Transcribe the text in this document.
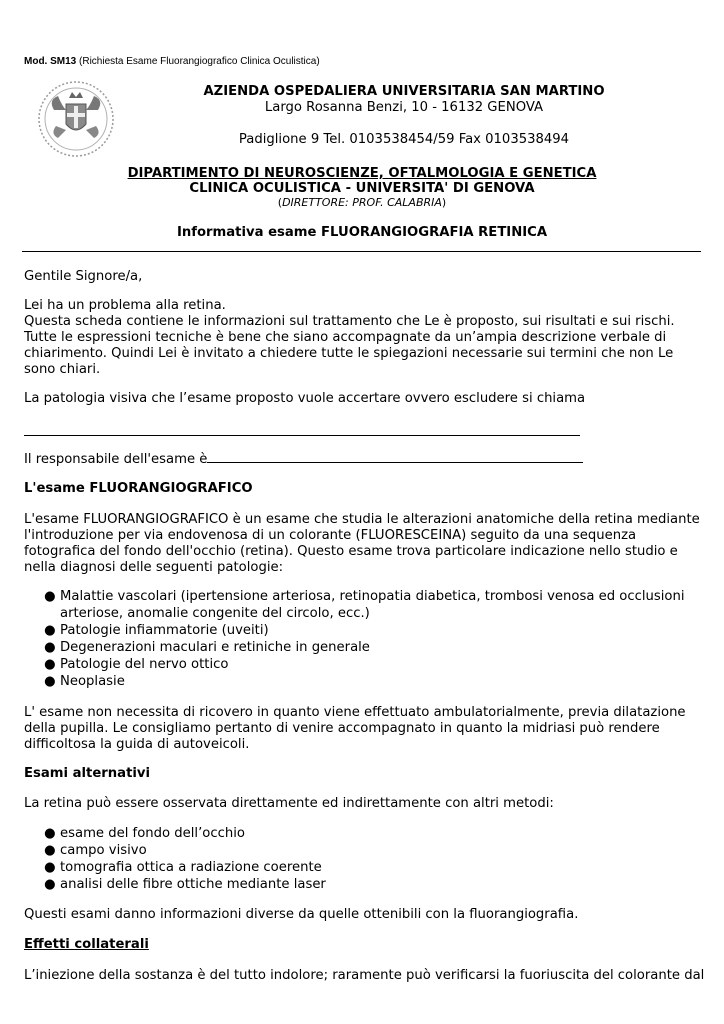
Mod. SM13 (Richiesta Esame Fluorangiografico Clinica Oculistica)
AZIENDA OSPEDALIERA UNIVERSITARIA SAN MARTINO
Largo Rosanna Benzi, 10 - 16132 GENOVA
Padiglione 9 Tel. 0103538454/59 Fax 0103538494
DIPARTIMENTO DI NEUROSCIENZE, OFTALMOLOGIA E GENETICA
CLINICA OCULISTICA - UNIVERSITA' DI GENOVA
(DIRETTORE: PROF. CALABRIA)
Informativa esame FLUORANGIOGRAFIA RETINICA
Gentile Signore/a,
Lei ha un problema alla retina.
Questa scheda contiene le informazioni sul trattamento che Le è proposto, sui risultati e sui rischi.
Tutte le espressioni tecniche è bene che siano accompagnate da un’ampia descrizione verbale di
chiarimento. Quindi Lei è invitato a chiedere tutte le spiegazioni necessarie sui termini che non Le
sono chiari.
La patologia visiva che l’esame proposto vuole accertare ovvero escludere si chiama
Il responsabile dell'esame è
L'esame FLUORANGIOGRAFICO
L'esame FLUORANGIOGRAFICO è un esame che studia le alterazioni anatomiche della retina mediante
l'introduzione per via endovenosa di un colorante (FLUORESCEINA) seguito da una sequenza
fotografica del fondo dell'occhio (retina). Questo esame trova particolare indicazione nello studio e
nella diagnosi delle seguenti patologie:
● Malattie vascolari (ipertensione arteriosa, retinopatia diabetica, trombosi venosa ed occlusioni
arteriose, anomalie congenite del circolo, ecc.)
● Patologie infiammatorie (uveiti)
● Degenerazioni maculari e retiniche in generale
● Patologie del nervo ottico
● Neoplasie
L' esame non necessita di ricovero in quanto viene effettuato ambulatorialmente, previa dilatazione
della pupilla. Le consigliamo pertanto di venire accompagnato in quanto la midriasi può rendere
difficoltosa la guida di autoveicoli.
Esami alternativi
La retina può essere osservata direttamente ed indirettamente con altri metodi:
● esame del fondo dell’occhio
● campo visivo
● tomografia ottica a radiazione coerente
● analisi delle fibre ottiche mediante laser
Questi esami danno informazioni diverse da quelle ottenibili con la fluorangiografia.
Effetti collaterali
L’iniezione della sostanza è del tutto indolore; raramente può verificarsi la fuoriuscita del colorante dal
